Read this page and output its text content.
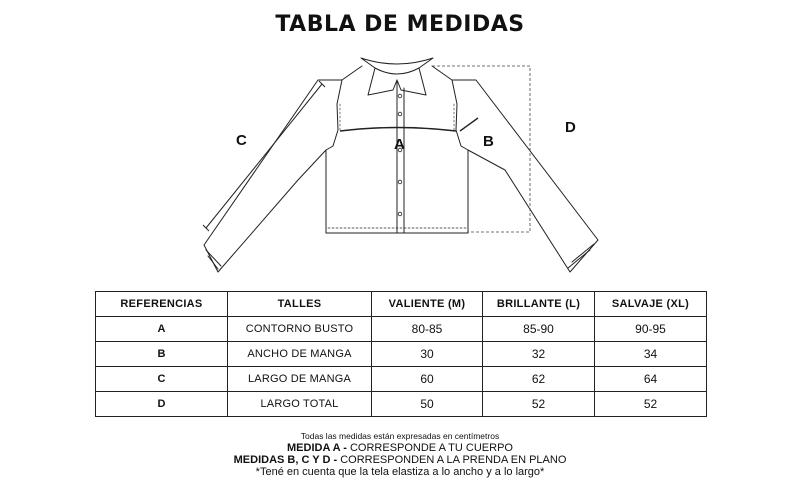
TABLA DE MEDIDAS
A	B
C
D
REFERENCIAS	TALLES	VALIENTE (M)	BRILLANTE (L)	SALVAJE (XL)
A	CONTORNO BUSTO	80-85	85-90	90-95
B	ANCHO DE MANGA	30	32	34
C	LARGO DE MANGA	60	62	64
D	LARGO TOTAL	50	52	52
Todas las medidas están expresadas en centímetros
MEDIDA A - CORRESPONDE A TU CUERPO
MEDIDAS B, C Y D - CORRESPONDEN A LA PRENDA EN PLANO
*Tené en cuenta que la tela elastiza a lo ancho y a lo largo*
